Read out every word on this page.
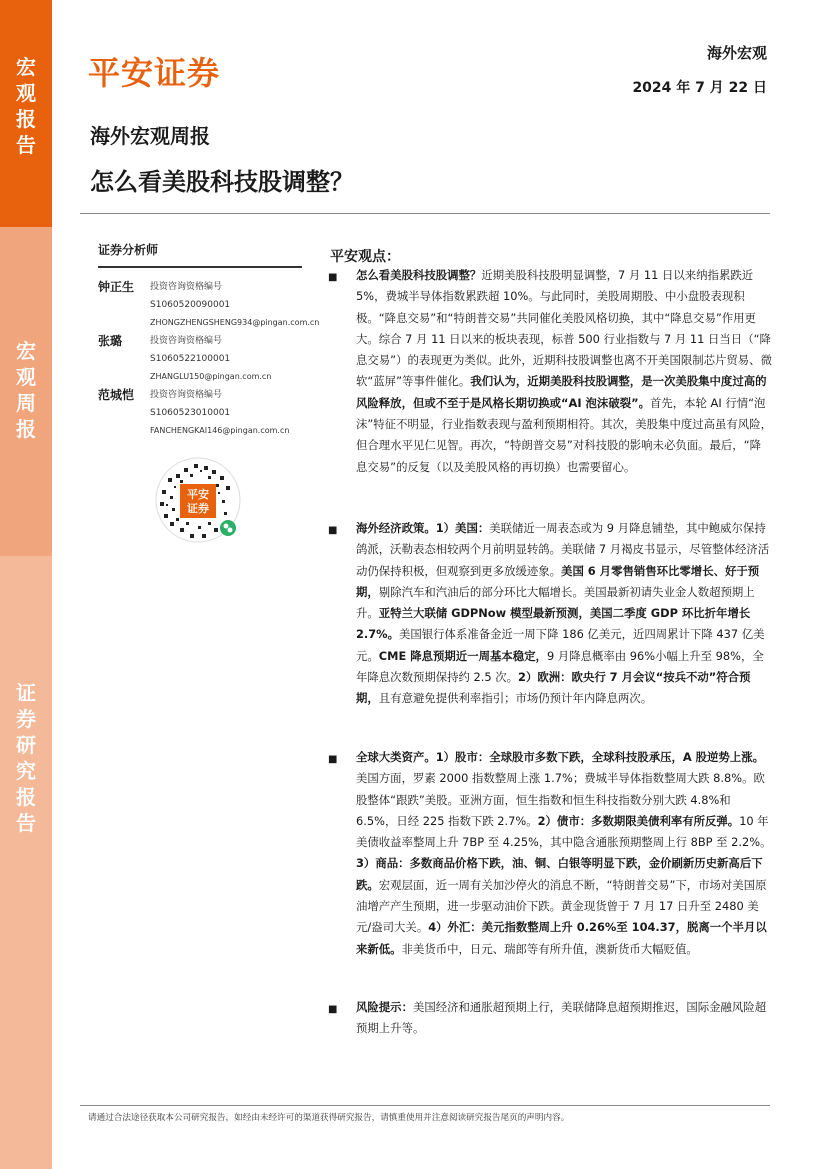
宏
观
报
告
宏
观
周
报
证
券
研
究
报
告
平安证券
海外宏观
2024 年 7 月 22 日
海外宏观周报
怎么看美股科技股调整？
证券分析师
钟正生 投资咨询资格编号
S1060520090001
ZHONGZHENGSHENG934@pingan.com.cn
张璐	投资咨询资格编号
S1060522100001
ZHANGLU150@pingan.com.cn
范城恺 投资咨询资格编号
S1060523010001
FANCHENGKAI146@pingan.com.cn
平安
证券
平安观点：
■ 怎么看美股科技股调整？近期美股科技股明显调整，7 月 11 日以来纳指累跌近 5%，费城半导体指数累跌超 10%。与此同时，美股周期股、中小盘股表现积极。“降息交易”和“特朗普交易”共同催化美股风格切换，其中“降息交易”作用更大。综合 7 月 11 日以来的板块表现，标普 500 行业指数与 7 月 11 日当日（“降息交易”）的表现更为类似。此外，近期科技股调整也离不开美国限制芯片贸易、微软“蓝屏”等事件催化。我们认为，近期美股科技股调整，是一次美股集中度过高的风险释放，但或不至于是风格长期切换或“AI 泡沫破裂”。首先，本轮 AI 行情“泡沫”特征不明显，行业指数表现与盈利预期相符。其次，美股集中度过高虽有风险，但合理水平见仁见智。再次，“特朗普交易”对科技股的影响未必负面。最后，“降息交易”的反复（以及美股风格的再切换）也需要留心。
■ 海外经济政策。1）美国：美联储近一周表态或为 9 月降息铺垫，其中鲍威尔保持鸽派，沃勒表态相较两个月前明显转鸽。美联储 7 月褐皮书显示，尽管整体经济活动仍保持积极，但观察到更多放缓迹象。美国 6 月零售销售环比零增长、好于预期，剔除汽车和汽油后的部分环比大幅增长。美国最新初请失业金人数超预期上升。亚特兰大联储 GDPNow 模型最新预测，美国二季度 GDP 环比折年增长 2.7%。美国银行体系准备金近一周下降 186 亿美元，近四周累计下降 437 亿美元。CME 降息预期近一周基本稳定，9 月降息概率由 96%小幅上升至 98%，全年降息次数预期保持约 2.5 次。2）欧洲：欧央行 7 月会议“按兵不动”符合预期，且有意避免提供利率指引；市场仍预计年内降息两次。
■ 全球大类资产。1）股市：全球股市多数下跌，全球科技股承压，A 股逆势上涨。美国方面，罗素 2000 指数整周上涨 1.7%；费城半导体指数整周大跌 8.8%。欧股整体“跟跌”美股。亚洲方面，恒生指数和恒生科技指数分别大跌 4.8%和 6.5%，日经 225 指数下跌 2.7%。2）债市：多数期限美债利率有所反弹。10 年美债收益率整周上升 7BP 至 4.25%，其中隐含通胀预期整周上行 8BP 至 2.2%。3）商品：多数商品价格下跌，油、铜、白银等明显下跌，金价刷新历史新高后下跌。宏观层面，近一周有关加沙停火的消息不断，“特朗普交易”下，市场对美国原油增产产生预期，进一步驱动油价下跌。黄金现货曾于 7 月 17 日升至 2480 美元/盎司大关。4）外汇：美元指数整周上升 0.26%至 104.37，脱离一个半月以来新低。非美货币中，日元、瑞郎等有所升值，澳新货币大幅贬值。
■ 风险提示：美国经济和通胀超预期上行，美联储降息超预期推迟，国际金融风险超预期上升等。
请通过合法途径获取本公司研究报告，如经由未经许可的渠道获得研究报告，请慎重使用并注意阅读研究报告尾页的声明内容。
